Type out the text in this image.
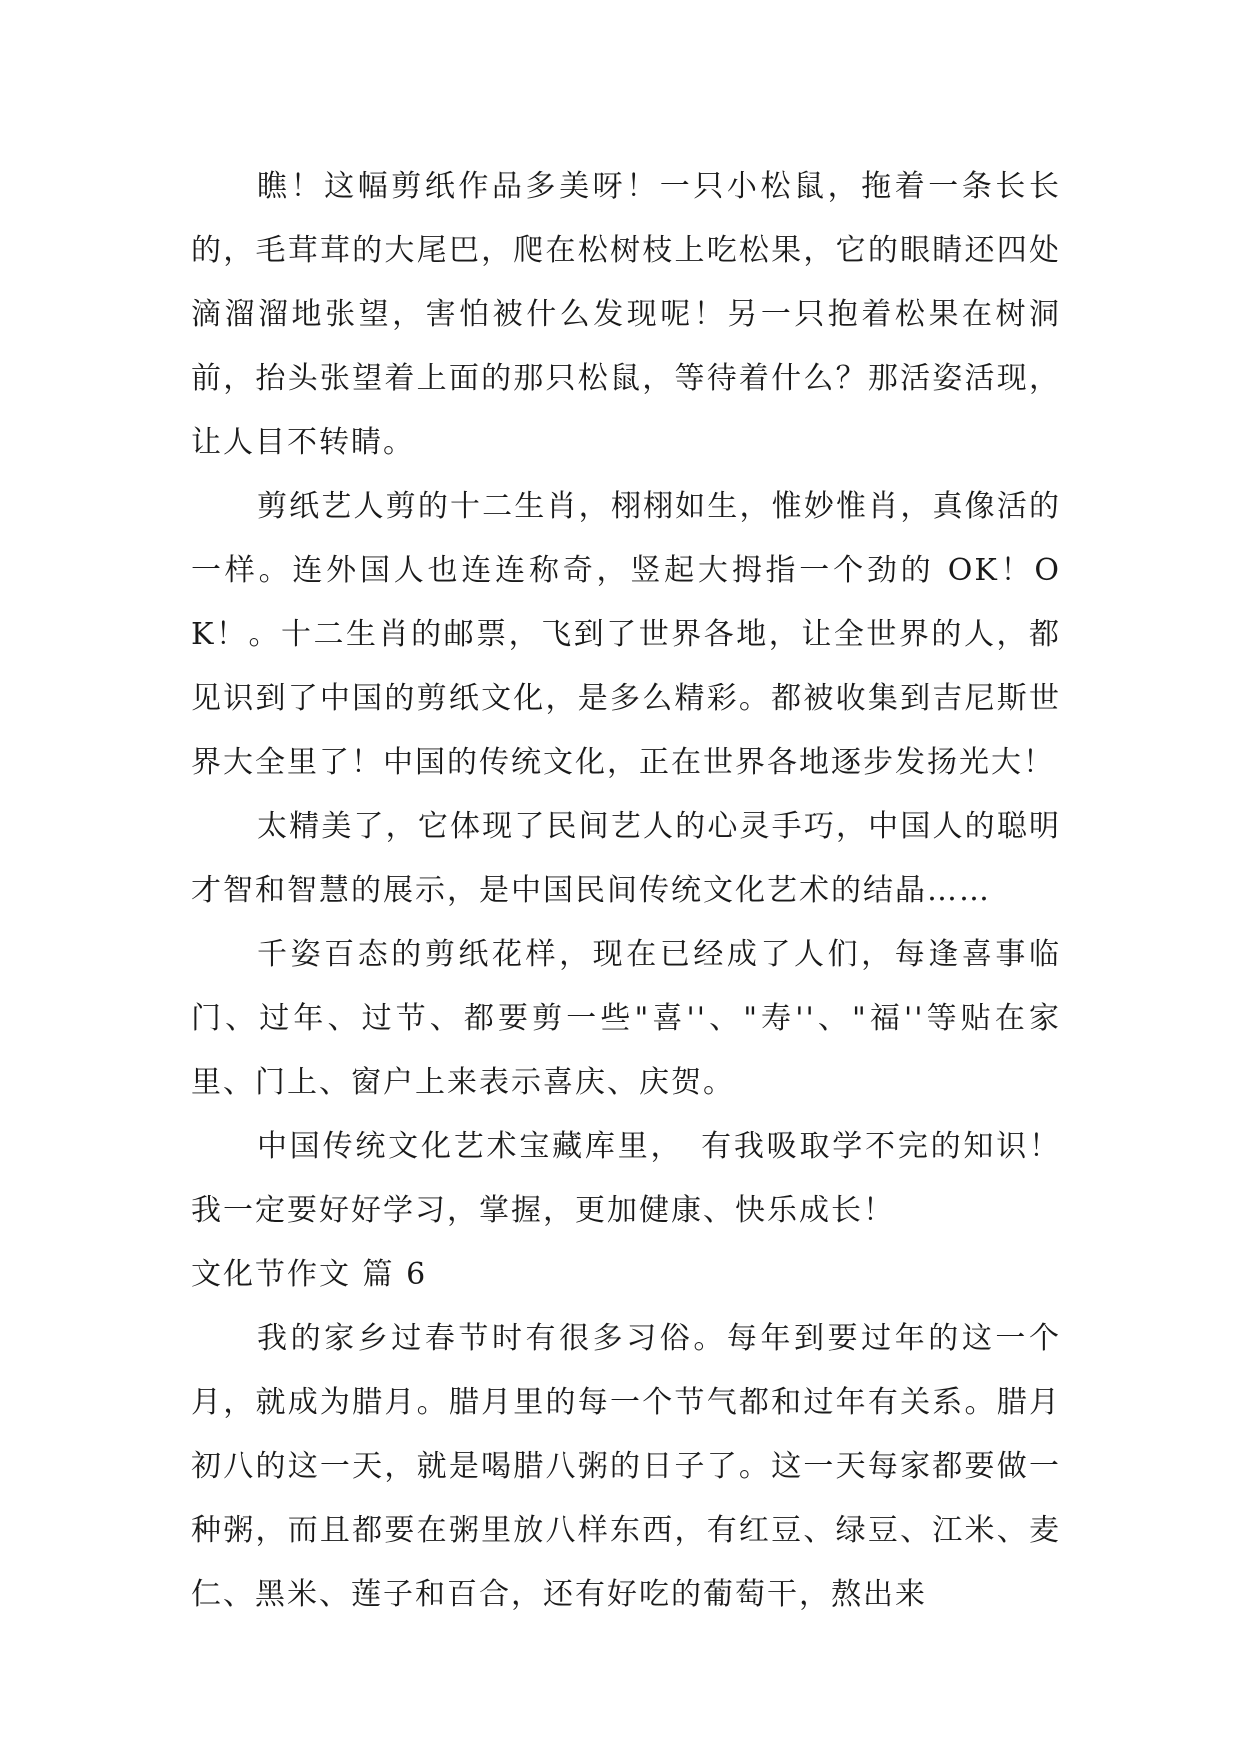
瞧！这幅剪纸作品多美呀！一只小松鼠，拖着一条长长的，毛茸茸的大尾巴，爬在松树枝上吃松果，它的眼睛还四处滴溜溜地张望，害怕被什么发现呢！另一只抱着松果在树洞前，抬头张望着上面的那只松鼠，等待着什么？那活姿活现，让人目不转睛。

剪纸艺人剪的十二生肖，栩栩如生，惟妙惟肖，真像活的一样。连外国人也连连称奇，竖起大拇指一个劲的 OK！OK！。十二生肖的邮票，飞到了世界各地，让全世界的人，都见识到了中国的剪纸文化，是多么精彩。都被收集到吉尼斯世界大全里了！中国的传统文化，正在世界各地逐步发扬光大！

太精美了，它体现了民间艺人的心灵手巧，中国人的聪明才智和智慧的展示，是中国民间传统文化艺术的结晶……

千姿百态的剪纸花样，现在已经成了人们，每逢喜事临门、过年、过节、都要剪一些"喜''、"寿''、"福''等贴在家里、门上、窗户上来表示喜庆、庆贺。

中国传统文化艺术宝藏库里，　有我吸取学不完的知识！我一定要好好学习，掌握，更加健康、快乐成长！

文化节作文 篇 6

我的家乡过春节时有很多习俗。每年到要过年的这一个月，就成为腊月。腊月里的每一个节气都和过年有关系。腊月初八的这一天，就是喝腊八粥的日子了。这一天每家都要做一种粥，而且都要在粥里放八样东西，有红豆、绿豆、江米、麦仁、黑米、莲子和百合，还有好吃的葡萄干，熬出来
